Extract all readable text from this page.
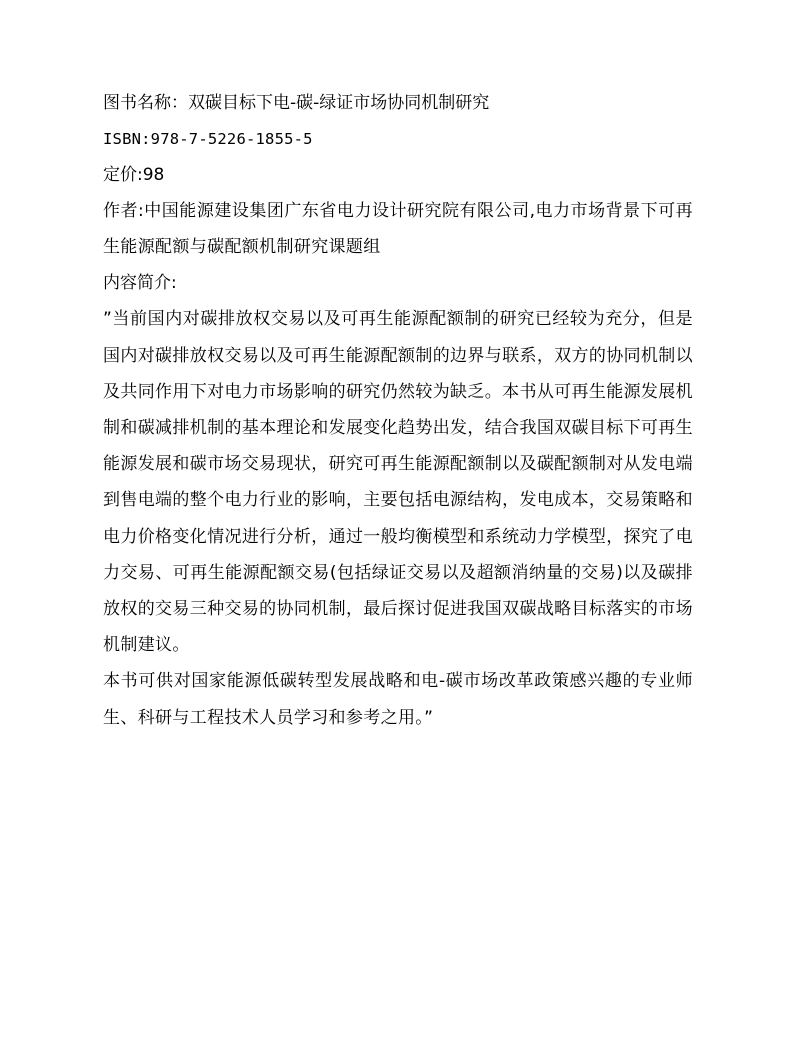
图书名称：双碳目标下电-碳-绿证市场协同机制研究
ISBN:978-7-5226-1855-5
定价:98
作者:中国能源建设集团广东省电力设计研究院有限公司,电力市场背景下可再生能源配额与碳配额机制研究课题组
内容简介:
”当前国内对碳排放权交易以及可再生能源配额制的研究已经较为充分，但是国内对碳排放权交易以及可再生能源配额制的边界与联系，双方的协同机制以及共同作用下对电力市场影响的研究仍然较为缺乏。本书从可再生能源发展机制和碳减排机制的基本理论和发展变化趋势出发，结合我国双碳目标下可再生能源发展和碳市场交易现状，研究可再生能源配额制以及碳配额制对从发电端到售电端的整个电力行业的影响，主要包括电源结构，发电成本，交易策略和电力价格变化情况进行分析，通过一般均衡模型和系统动力学模型，探究了电力交易、可再生能源配额交易(包括绿证交易以及超额消纳量的交易)以及碳排放权的交易三种交易的协同机制，最后探讨促进我国双碳战略目标落实的市场机制建议。
本书可供对国家能源低碳转型发展战略和电-碳市场改革政策感兴趣的专业师生、科研与工程技术人员学习和参考之用。”
